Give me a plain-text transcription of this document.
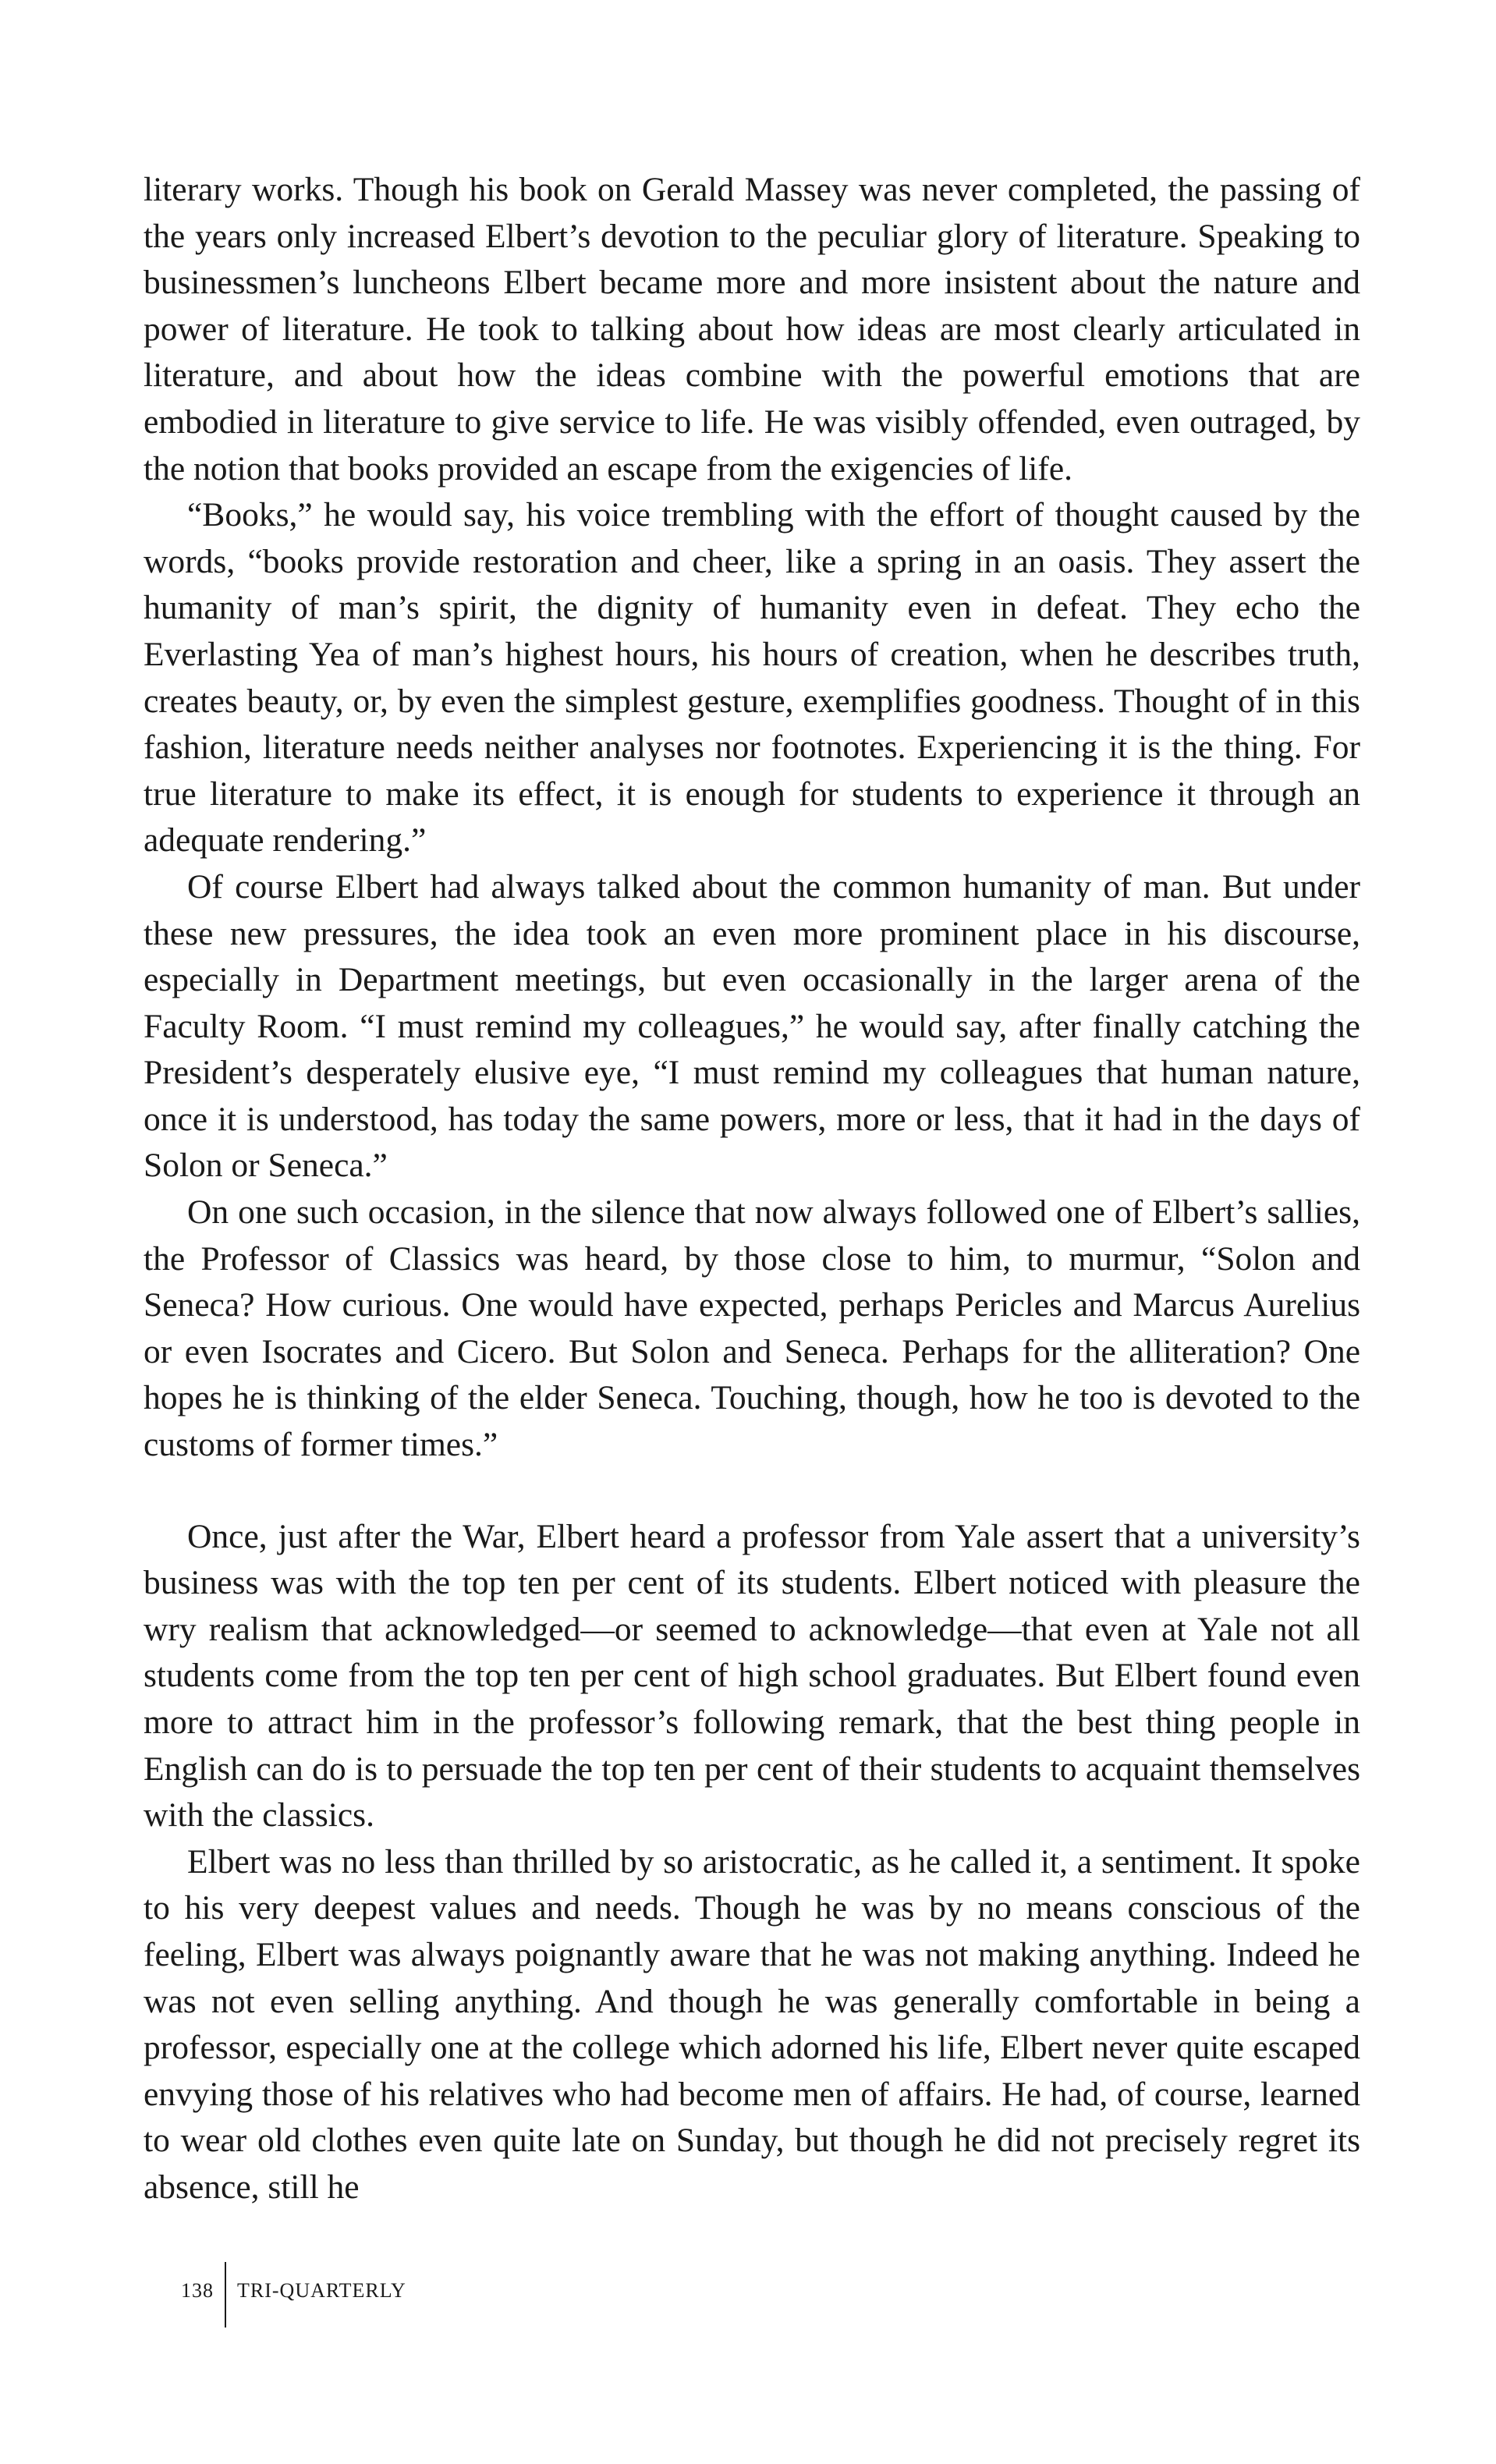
literary works. Though his book on Gerald Massey was never completed, the passing of the years only increased Elbert’s devotion to the peculiar glory of literature. Speaking to businessmen’s luncheons Elbert became more and more insistent about the nature and power of literature. He took to talking about how ideas are most clearly articulated in literature, and about how the ideas combine with the powerful emotions that are embodied in literature to give service to life. He was visibly offended, even outraged, by the notion that books provided an escape from the exigencies of life.

“Books,” he would say, his voice trembling with the effort of thought caused by the words, “books provide restoration and cheer, like a spring in an oasis. They assert the humanity of man’s spirit, the dignity of humanity even in defeat. They echo the Everlasting Yea of man’s highest hours, his hours of creation, when he describes truth, creates beauty, or, by even the simplest gesture, exemplifies goodness. Thought of in this fashion, literature needs neither analyses nor footnotes. Experiencing it is the thing. For true literature to make its effect, it is enough for students to experience it through an adequate rendering.”

Of course Elbert had always talked about the common humanity of man. But under these new pressures, the idea took an even more prominent place in his discourse, especially in Department meetings, but even occasionally in the larger arena of the Faculty Room. “I must remind my colleagues,” he would say, after finally catching the President’s desperately elusive eye, “I must remind my colleagues that human nature, once it is understood, has today the same powers, more or less, that it had in the days of Solon or Seneca.”

On one such occasion, in the silence that now always followed one of Elbert’s sallies, the Professor of Classics was heard, by those close to him, to murmur, “Solon and Seneca? How curious. One would have expected, perhaps Pericles and Marcus Aurelius or even Isocrates and Cicero. But Solon and Seneca. Perhaps for the alliteration? One hopes he is thinking of the elder Seneca. Touching, though, how he too is devoted to the customs of former times.”

Once, just after the War, Elbert heard a professor from Yale assert that a university’s business was with the top ten per cent of its students. Elbert noticed with pleasure the wry realism that acknowledged—or seemed to acknowledge—that even at Yale not all students come from the top ten per cent of high school graduates. But Elbert found even more to attract him in the professor’s following remark, that the best thing people in English can do is to persuade the top ten per cent of their students to acquaint themselves with the classics.

Elbert was no less than thrilled by so aristocratic, as he called it, a sentiment. It spoke to his very deepest values and needs. Though he was by no means conscious of the feeling, Elbert was always poignantly aware that he was not making anything. Indeed he was not even selling anything. And though he was generally comfortable in being a professor, especially one at the college which adorned his life, Elbert never quite escaped envying those of his relatives who had become men of affairs. He had, of course, learned to wear old clothes even quite late on Sunday, but though he did not precisely regret its absence, still he

138	TRI-QUARTERLY
